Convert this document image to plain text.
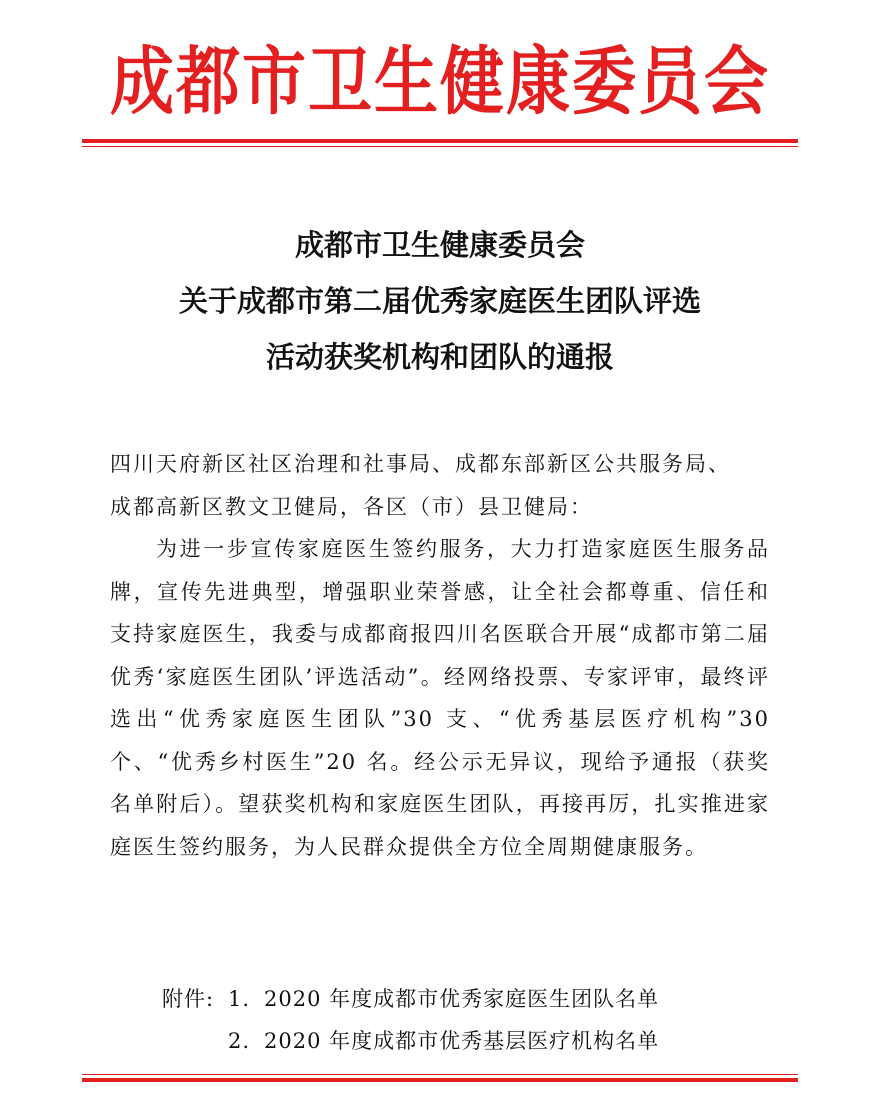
成都市卫生健康委员会
成都市卫生健康委员会
关于成都市第二届优秀家庭医生团队评选
活动获奖机构和团队的通报

四川天府新区社区治理和社事局、成都东部新区公共服务局、

成都高新区教文卫健局，各区（市）县卫健局：

为进一步宣传家庭医生签约服务，大力打造家庭医生服务品牌，宣传先进典型，增强职业荣誉感，让全社会都尊重、信任和支持家庭医生，我委与成都商报四川名医联合开展“成都市第二届优秀‘家庭医生团队’评选活动”。经网络投票、专家评审，最终评选出“优秀家庭医生团队”30 支、“优秀基层医疗机构”30 个、“优秀乡村医生”20 名。经公示无异议，现给予通报（获奖名单附后）。望获奖机构和家庭医生团队，再接再厉，扎实推进家庭医生签约服务，为人民群众提供全方位全周期健康服务。

附件: 1. 2020 年度成都市优秀家庭医生团队名单
2. 2020 年度成都市优秀基层医疗机构名单
